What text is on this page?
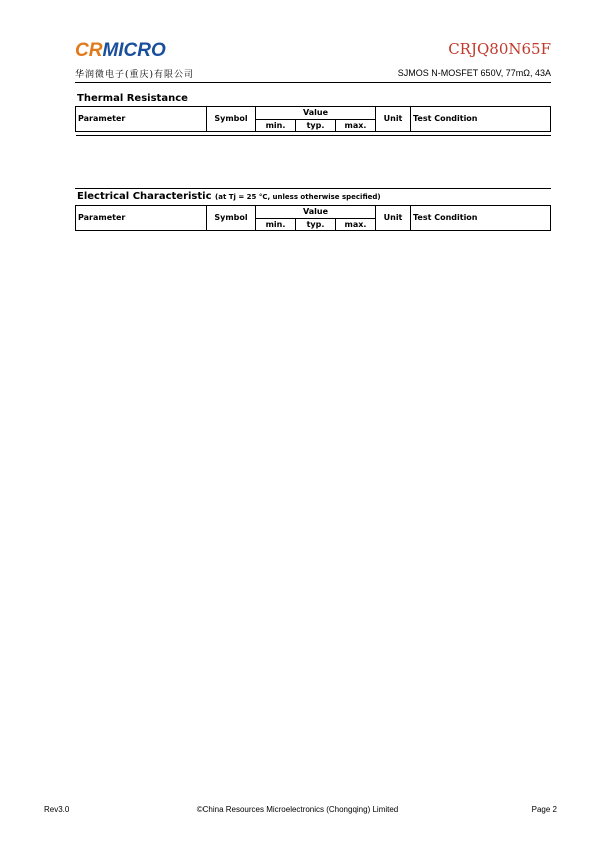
CRMICRO
华润微电子(重庆)有限公司
CRJQ80N65F
SJMOS N-MOSFET 650V, 77mΩ, 43A
Thermal Resistance
Parameter	Symbol	Value			Unit	Test Condition
		min.	typ.	max.		

Electrical Characteristic (at Tj = 25 °C, unless otherwise specified)
Parameter	Symbol	Value			Unit	Test Condition
		min.	typ.	max.		
Rev3.0	©China Resources Microelectronics (Chongqing) Limited	Page 2
